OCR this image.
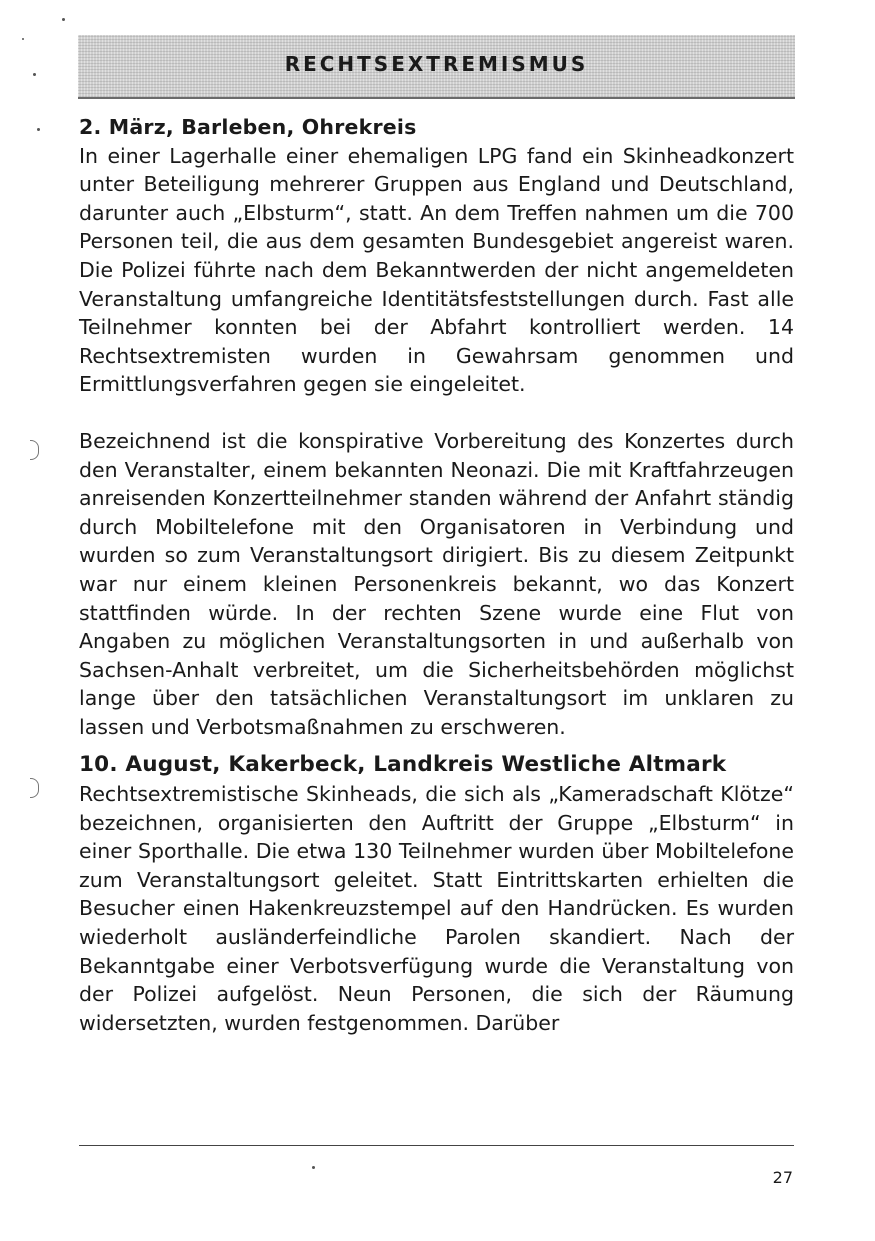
RECHTSEXTREMISMUS
2. März, Barleben, Ohrekreis

In einer Lagerhalle einer ehemaligen LPG fand ein Skinheadkonzert unter Beteiligung mehrerer Gruppen aus England und Deutschland, darunter auch „Elbsturm“, statt. An dem Treffen nahmen um die 700 Personen teil, die aus dem gesamten Bundesgebiet angereist waren. Die Polizei führte nach dem Bekanntwerden der nicht angemeldeten Veranstaltung umfangreiche Identitätsfeststellungen durch. Fast alle Teilnehmer konnten bei der Abfahrt kontrolliert werden. 14 Rechtsextremisten wurden in Gewahrsam genommen und Ermittlungsverfahren gegen sie eingeleitet.

Bezeichnend ist die konspirative Vorbereitung des Konzertes durch den Veranstalter, einem bekannten Neonazi. Die mit Kraftfahrzeugen anreisenden Konzertteilnehmer standen während der Anfahrt ständig durch Mobiltelefone mit den Organisatoren in Verbindung und wurden so zum Veranstaltungsort dirigiert. Bis zu diesem Zeitpunkt war nur einem kleinen Personenkreis bekannt, wo das Konzert stattfinden würde. In der rechten Szene wurde eine Flut von Angaben zu möglichen Veranstaltungsorten in und außerhalb von Sachsen-Anhalt verbreitet, um die Sicherheitsbehörden möglichst lange über den tatsächlichen Veranstaltungsort im unklaren zu lassen und Verbotsmaßnahmen zu erschweren.

10. August, Kakerbeck, Landkreis Westliche Altmark

Rechtsextremistische Skinheads, die sich als „Kameradschaft Klötze“ bezeichnen, organisierten den Auftritt der Gruppe „Elbsturm“ in einer Sporthalle. Die etwa 130 Teilnehmer wurden über Mobiltelefone zum Veranstaltungsort geleitet. Statt Eintrittskarten erhielten die Besucher einen Hakenkreuzstempel auf den Handrücken. Es wurden wiederholt ausländerfeindliche Parolen skandiert. Nach der Bekanntgabe einer Verbotsverfügung wurde die Veranstaltung von der Polizei aufgelöst. Neun Personen, die sich der Räumung widersetzten, wurden festgenommen. Darüber

27
